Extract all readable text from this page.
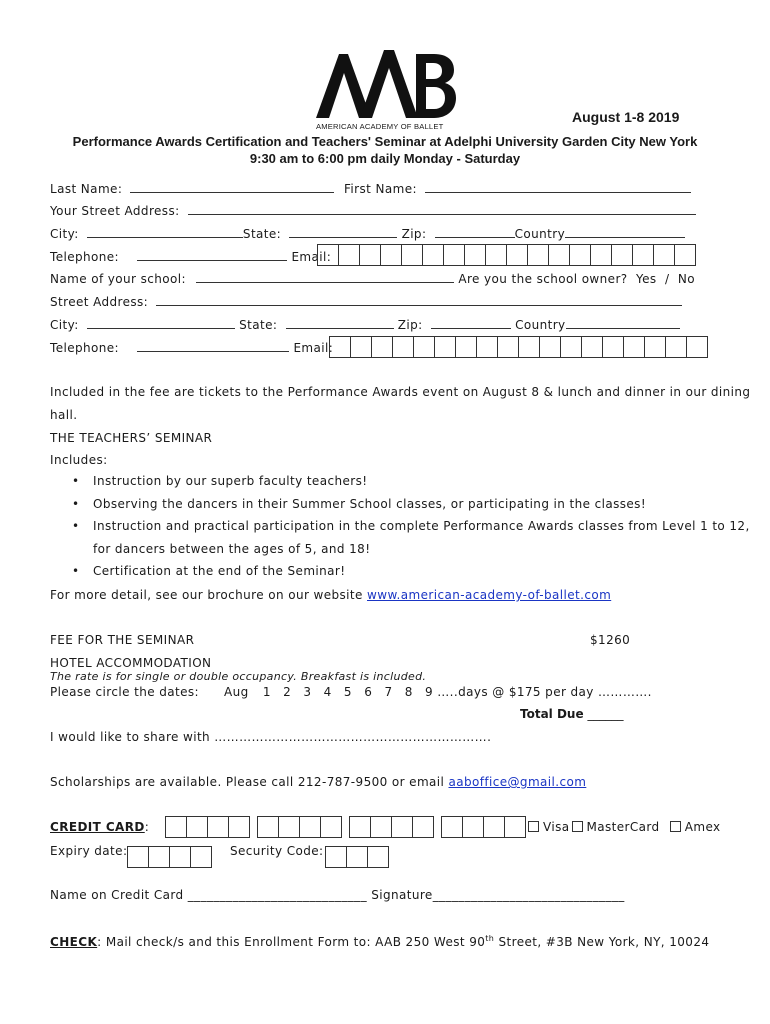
AMERICAN ACADEMY OF BALLET
August 1-8 2019
Performance Awards Certification and Teachers' Seminar at Adelphi University Garden City New York
9:30 am to 6:00 pm daily Monday - Saturday
Last Name:	First Name:
Your Street Address:
City:	State:	Zip:	Country
Telephone:	Email:
Name of your school:	Are you the school owner? Yes / No
Street Address:
City:	State:	Zip:	Country
Telephone:	Email:
Included in the fee are tickets to the Performance Awards event on August 8 & lunch and dinner in our dining
hall.
THE TEACHERS’ SEMINAR
Includes:
• Instruction by our superb faculty teachers!
• Observing the dancers in their Summer School classes, or participating in the classes!
• Instruction and practical participation in the complete Performance Awards classes from Level 1 to 12,
for dancers between the ages of 5, and 18!
• Certification at the end of the Seminar!
For more detail, see our brochure on our website www.american-academy-of-ballet.com
FEE FOR THE SEMINAR	$1260
HOTEL ACCOMMODATION
The rate is for single or double occupancy. Breakfast is included.
Please circle the dates: Aug 1 2 3 4 5 6 7 8 9 …..days @ $175 per day ………….
Total Due ______
I would like to share with ………………………………………………………….
Scholarships are available. Please call 212-787-9500 or email aaboffice@gmail.com
CREDIT CARD:	Visa MasterCard Amex
Expiry date:	Security Code:
Name on Credit Card ____________________________ Signature______________________________
CHECK: Mail check/s and this Enrollment Form to: AAB 250 West 90th Street, #3B New York, NY, 10024
